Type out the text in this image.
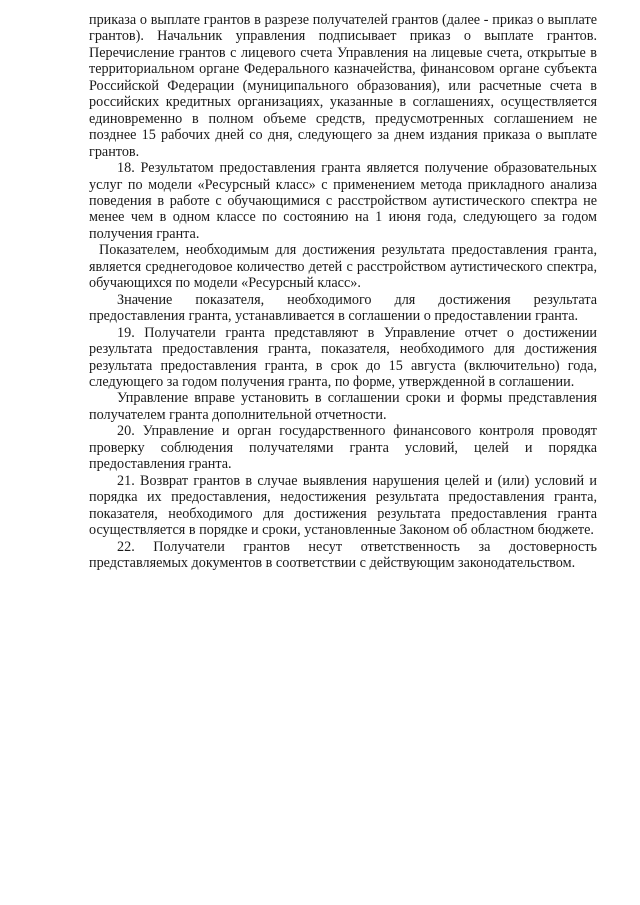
приказа о выплате грантов в разрезе получателей грантов (далее - приказ о выплате грантов). Начальник управления подписывает приказ о выплате грантов. Перечисление грантов с лицевого счета Управления на лицевые счета, открытые в территориальном органе Федерального казначейства, финансовом органе субъекта Российской Федерации (муниципального образования), или расчетные счета в российских кредитных организациях, указанные в соглашениях, осуществляется единовременно в полном объеме средств, предусмотренных соглашением не позднее 15 рабочих дней со дня, следующего за днем издания приказа о выплате грантов.

18. Результатом предоставления гранта является получение образовательных услуг по модели «Ресурсный класс» с применением метода прикладного анализа поведения в работе с обучающимися с расстройством аутистического спектра не менее чем в одном классе по состоянию на 1 июня года, следующего за годом получения гранта.

Показателем, необходимым для достижения результата предоставления гранта, является среднегодовое количество детей с расстройством аутистического спектра, обучающихся по модели «Ресурсный класс».

Значение показателя, необходимого для достижения результата предоставления гранта, устанавливается в соглашении о предоставлении гранта.

19. Получатели гранта представляют в Управление отчет о достижении результата предоставления гранта, показателя, необходимого для достижения результата предоставления гранта, в срок до 15 августа (включительно) года, следующего за годом получения гранта, по форме, утвержденной в соглашении.

Управление вправе установить в соглашении сроки и формы представления получателем гранта дополнительной отчетности.

20. Управление и орган государственного финансового контроля проводят проверку соблюдения получателями гранта условий, целей и порядка предоставления гранта.

21. Возврат грантов в случае выявления нарушения целей и (или) условий и порядка их предоставления, недостижения результата предоставления гранта, показателя, необходимого для достижения результата предоставления гранта осуществляется в порядке и сроки, установленные Законом об областном бюджете.

22. Получатели грантов несут ответственность за достоверность представляемых документов в соответствии с действующим законодательством.
